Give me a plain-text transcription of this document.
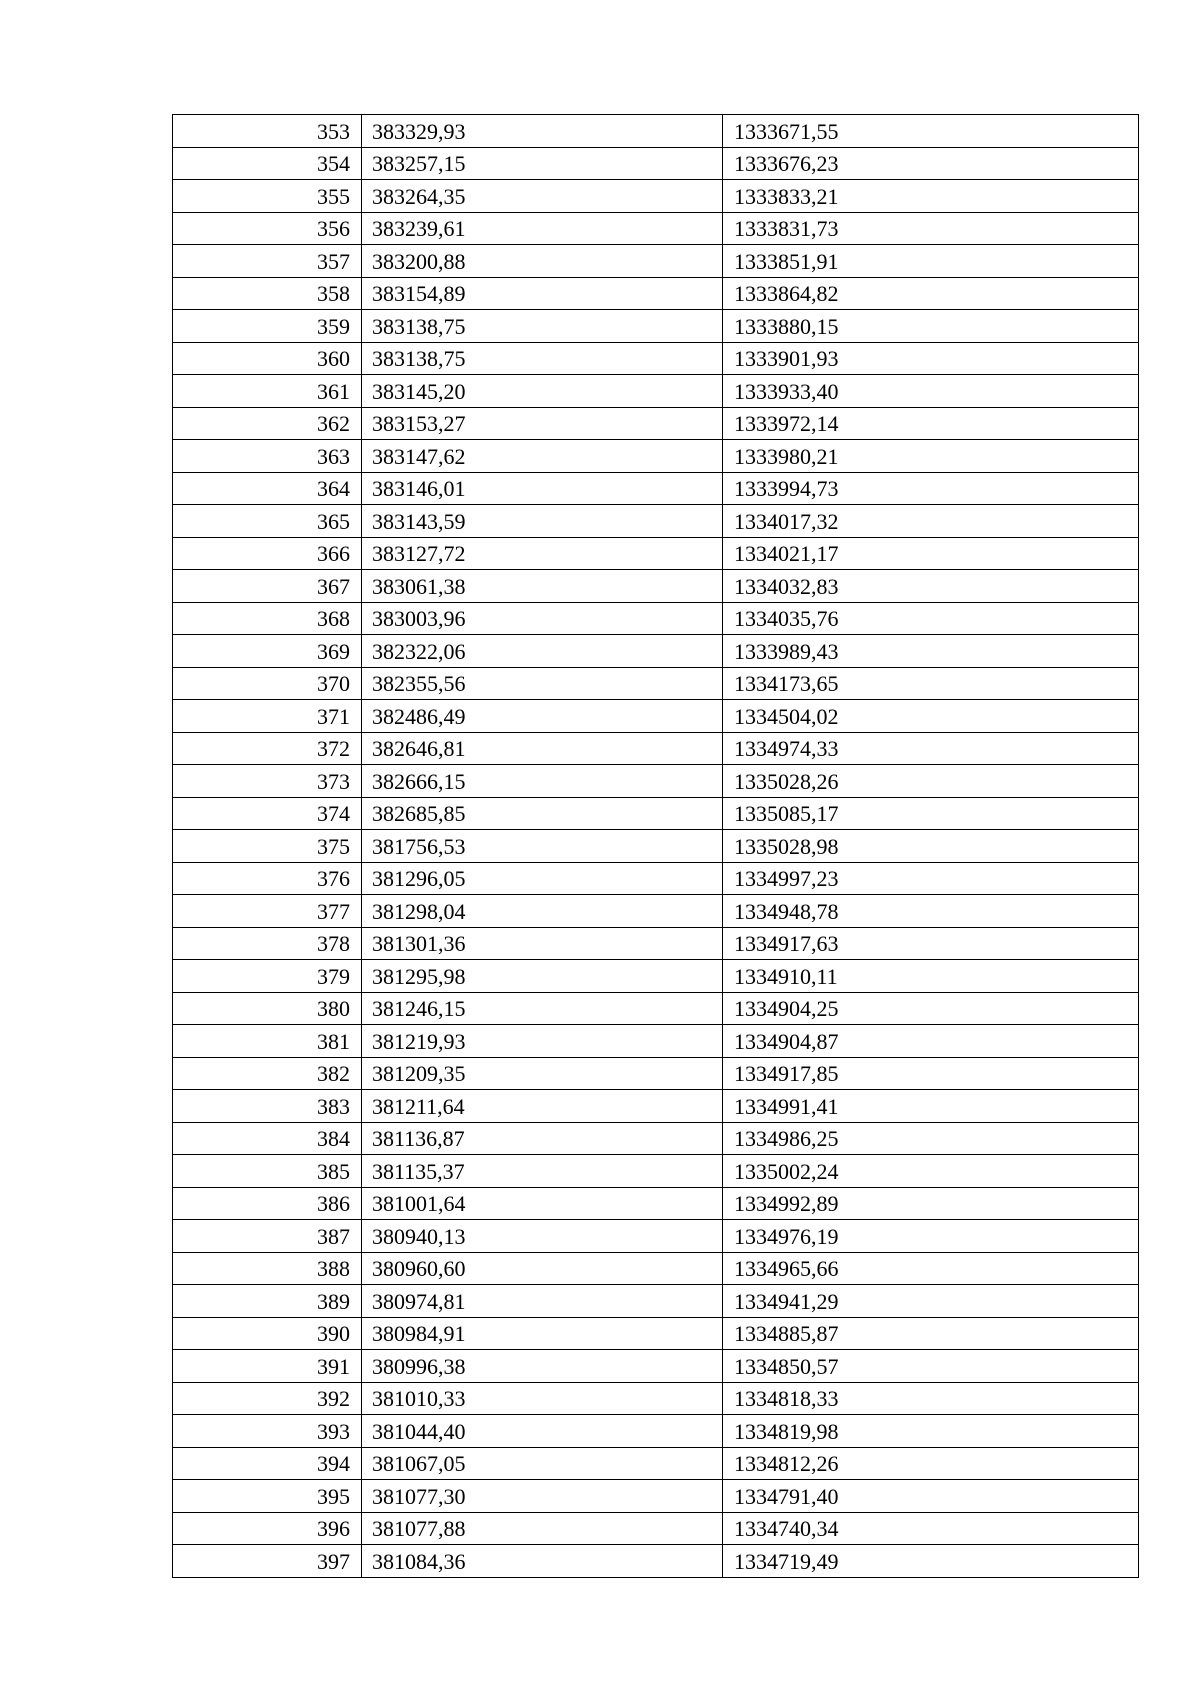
353	383329,93	1333671,55
354	383257,15	1333676,23
355	383264,35	1333833,21
356	383239,61	1333831,73
357	383200,88	1333851,91
358	383154,89	1333864,82
359	383138,75	1333880,15
360	383138,75	1333901,93
361	383145,20	1333933,40
362	383153,27	1333972,14
363	383147,62	1333980,21
364	383146,01	1333994,73
365	383143,59	1334017,32
366	383127,72	1334021,17
367	383061,38	1334032,83
368	383003,96	1334035,76
369	382322,06	1333989,43
370	382355,56	1334173,65
371	382486,49	1334504,02
372	382646,81	1334974,33
373	382666,15	1335028,26
374	382685,85	1335085,17
375	381756,53	1335028,98
376	381296,05	1334997,23
377	381298,04	1334948,78
378	381301,36	1334917,63
379	381295,98	1334910,11
380	381246,15	1334904,25
381	381219,93	1334904,87
382	381209,35	1334917,85
383	381211,64	1334991,41
384	381136,87	1334986,25
385	381135,37	1335002,24
386	381001,64	1334992,89
387	380940,13	1334976,19
388	380960,60	1334965,66
389	380974,81	1334941,29
390	380984,91	1334885,87
391	380996,38	1334850,57
392	381010,33	1334818,33
393	381044,40	1334819,98
394	381067,05	1334812,26
395	381077,30	1334791,40
396	381077,88	1334740,34
397	381084,36	1334719,49
